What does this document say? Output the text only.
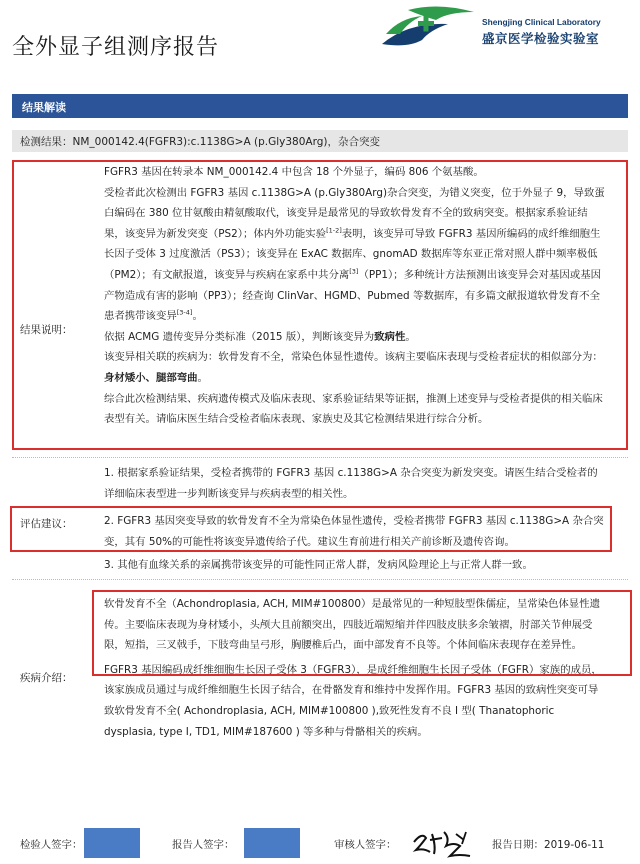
全外显子组测序报告
Shengjing Clinical Laboratory
盛京医学检验实验室
结果解读
检测结果：NM_000142.4(FGFR3):c.1138G>A (p.Gly380Arg)，杂合突变
结果说明：

FGFR3 基因在转录本 NM_000142.4 中包含 18 个外显子，编码 806 个氨基酸。

受检者此次检测出 FGFR3 基因 c.1138G>A (p.Gly380Arg)杂合突变，为错义突变，位于外显子 9，导致蛋白编码在 380 位甘氨酸由精氨酸取代，该变异是最常见的导致软骨发育不全的致病突变。根据家系验证结果，该变异为新发突变（PS2）；体内外功能实验[1-2]表明，该变异可导致 FGFR3 基因所编码的成纤维细胞生长因子受体 3 过度激活（PS3）；该变异在 ExAC 数据库、gnomAD 数据库等东亚正常对照人群中频率极低（PM2）；有文献报道，该变异与疾病在家系中共分离[3]（PP1）；多种统计方法预测出该变异会对基因或基因产物造成有害的影响（PP3）；经查询 ClinVar、HGMD、Pubmed 等数据库，有多篇文献报道软骨发育不全患者携带该变异[3-4]。

依据 ACMG 遗传变异分类标准（2015 版），判断该变异为致病性。

该变异相关联的疾病为：软骨发育不全，常染色体显性遗传。该病主要临床表现与受检者症状的相似部分为：身材矮小、腿部弯曲。

综合此次检测结果、疾病遗传模式及临床表现、家系验证结果等证据，推测上述变异与受检者提供的相关临床表型有关。请临床医生结合受检者临床表现、家族史及其它检测结果进行综合分析。

评估建议：

1. 根据家系验证结果，受检者携带的 FGFR3 基因 c.1138G>A 杂合突变为新发突变。请医生结合受检者的详细临床表型进一步判断该变异与疾病表型的相关性。

2. FGFR3 基因突变导致的软骨发育不全为常染色体显性遗传，受检者携带 FGFR3 基因 c.1138G>A 杂合突变，其有 50%的可能性将该变异遗传给子代。建议生育前进行相关产前诊断及遗传咨询。

3. 其他有血缘关系的亲属携带该变异的可能性同正常人群，发病风险理论上与正常人群一致。

疾病介绍：

软骨发育不全（Achondroplasia, ACH, MIM#100800）是最常见的一种短肢型侏儒症，呈常染色体显性遗传。主要临床表现为身材矮小，头颅大且前额突出，四肢近端短缩并伴四肢皮肤多余皱褶，肘部关节伸展受限，短指，三叉戟手，下肢弯曲呈弓形，胸腰椎后凸，面中部发育不良等。个体间临床表现存在差异性。

FGFR3 基因编码成纤维细胞生长因子受体 3（FGFR3），是成纤维细胞生长因子受体（FGFR）家族的成员，该家族成员通过与成纤维细胞生长因子结合，在骨骼发育和维持中发挥作用。FGFR3 基因的致病性突变可导致软骨发育不全( Achondroplasia, ACH, MIM#100800 ),致死性发育不良 I 型( Thanatophoric dysplasia, type I, TD1, MIM#187600 ) 等多种与骨骼相关的疾病。

检验人签字：	报告人签字：	审核人签字：	报告日期：2019-06-11
